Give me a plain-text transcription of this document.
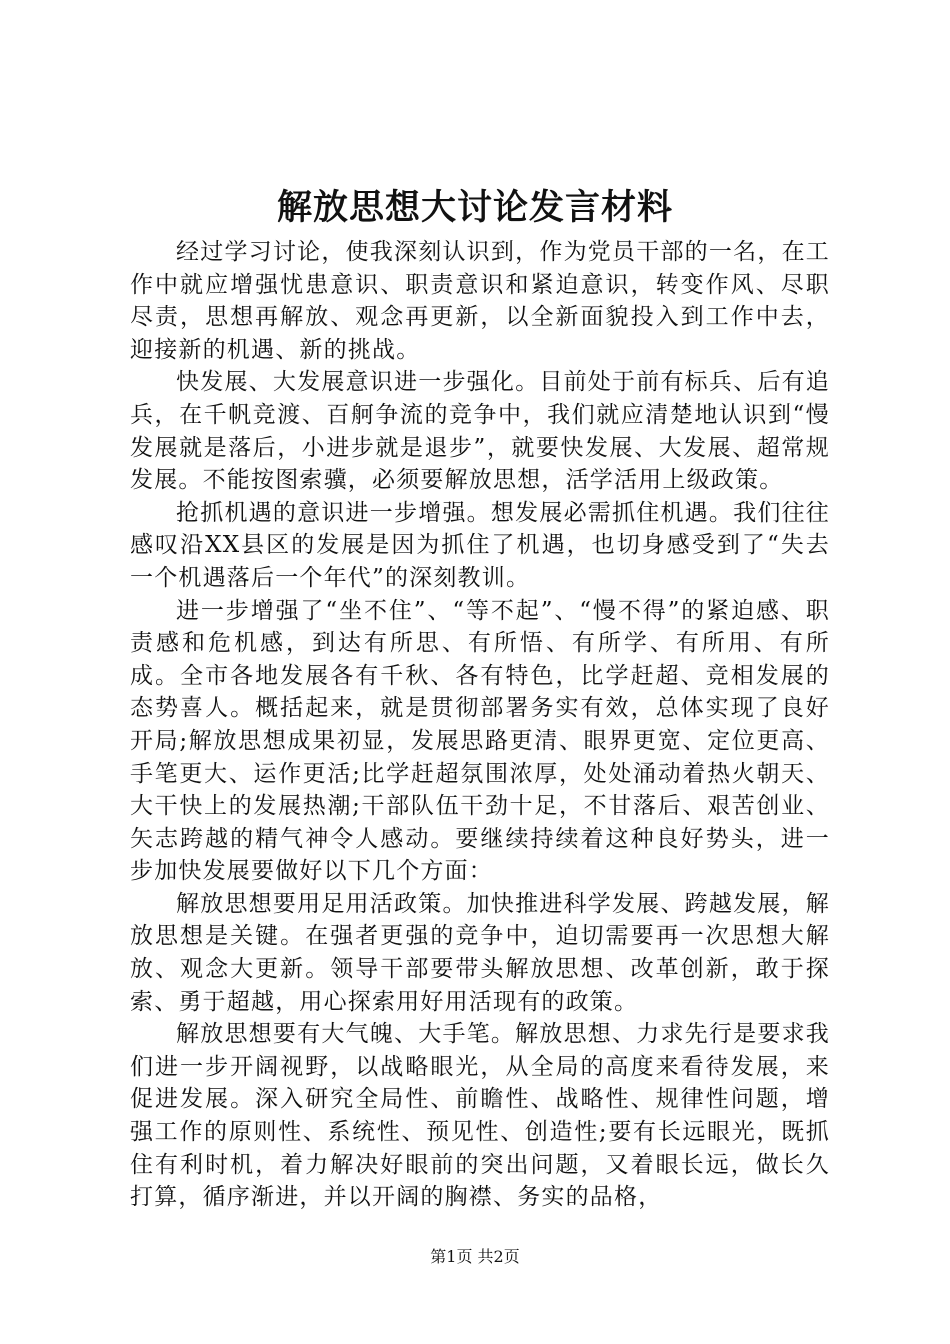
解放思想大讨论发言材料

经过学习讨论，使我深刻认识到，作为党员干部的一名，在工作中就应增强忧患意识、职责意识和紧迫意识，转变作风、尽职尽责，思想再解放、观念再更新，以全新面貌投入到工作中去，迎接新的机遇、新的挑战。

快发展、大发展意识进一步强化。目前处于前有标兵、后有追兵，在千帆竞渡、百舸争流的竞争中，我们就应清楚地认识到“慢发展就是落后，小进步就是退步”，就要快发展、大发展、超常规发展。不能按图索骥，必须要解放思想，活学活用上级政策。

抢抓机遇的意识进一步增强。想发展必需抓住机遇。我们往往感叹沿XX县区的发展是因为抓住了机遇，也切身感受到了“失去一个机遇落后一个年代”的深刻教训。

进一步增强了“坐不住”、“等不起”、“慢不得”的紧迫感、职责感和危机感，到达有所思、有所悟、有所学、有所用、有所成。全市各地发展各有千秋、各有特色，比学赶超、竞相发展的态势喜人。概括起来，就是贯彻部署务实有效，总体实现了良好开局;解放思想成果初显，发展思路更清、眼界更宽、定位更高、手笔更大、运作更活;比学赶超氛围浓厚，处处涌动着热火朝天、大干快上的发展热潮;干部队伍干劲十足，不甘落后、艰苦创业、矢志跨越的精气神令人感动。要继续持续着这种良好势头，进一步加快发展要做好以下几个方面：

解放思想要用足用活政策。加快推进科学发展、跨越发展，解放思想是关键。在强者更强的竞争中，迫切需要再一次思想大解放、观念大更新。领导干部要带头解放思想、改革创新，敢于探索、勇于超越，用心探索用好用活现有的政策。

解放思想要有大气魄、大手笔。解放思想、力求先行是要求我们进一步开阔视野，以战略眼光，从全局的高度来看待发展，来促进发展。深入研究全局性、前瞻性、战略性、规律性问题，增强工作的原则性、系统性、预见性、创造性;要有长远眼光，既抓住有利时机，着力解决好眼前的突出问题，又着眼长远，做长久打算，循序渐进，并以开阔的胸襟、务实的品格，

第1页 共2页
